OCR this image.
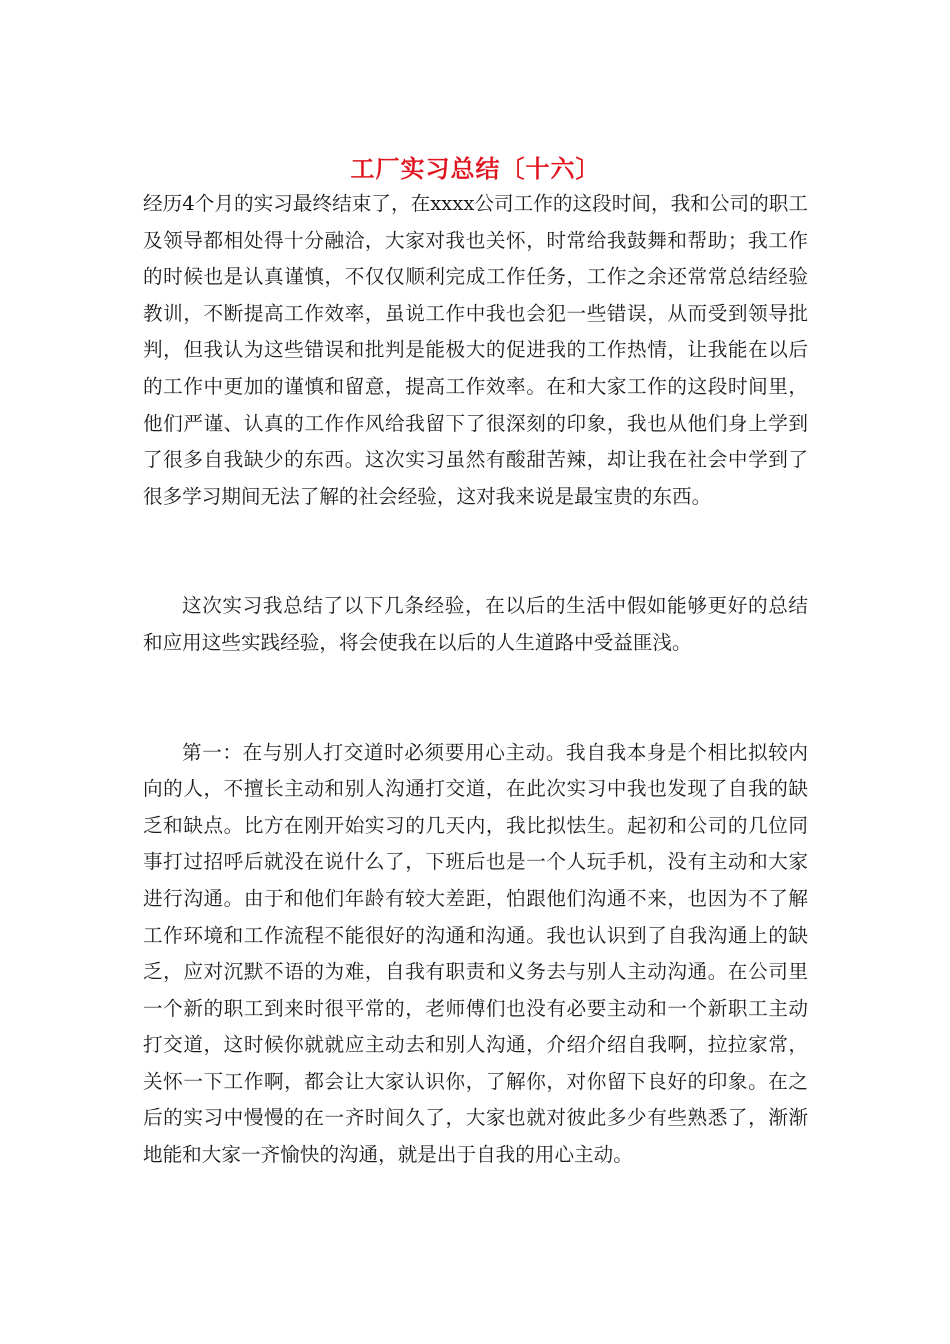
工厂实习总结〔十六〕

经历4个月的实习最终结束了，在xxxx公司工作的这段时间，我和公司的职工及领导都相处得十分融洽，大家对我也关怀，时常给我鼓舞和帮助；我工作的时候也是认真谨慎，不仅仅顺利完成工作任务，工作之余还常常总结经验教训，不断提高工作效率，虽说工作中我也会犯一些错误，从而受到领导批判，但我认为这些错误和批判是能极大的促进我的工作热情，让我能在以后的工作中更加的谨慎和留意，提高工作效率。在和大家工作的这段时间里，他们严谨、认真的工作作风给我留下了很深刻的印象，我也从他们身上学到了很多自我缺少的东西。这次实习虽然有酸甜苦辣，却让我在社会中学到了很多学习期间无法了解的社会经验，这对我来说是最宝贵的东西。

这次实习我总结了以下几条经验，在以后的生活中假如能够更好的总结和应用这些实践经验，将会使我在以后的人生道路中受益匪浅。

第一：在与别人打交道时必须要用心主动。我自我本身是个相比拟较内向的人，不擅长主动和别人沟通打交道，在此次实习中我也发现了自我的缺乏和缺点。比方在刚开始实习的几天内，我比拟怯生。起初和公司的几位同事打过招呼后就没在说什么了，下班后也是一个人玩手机，没有主动和大家进行沟通。由于和他们年龄有较大差距，怕跟他们沟通不来，也因为不了解工作环境和工作流程不能很好的沟通和沟通。我也认识到了自我沟通上的缺乏，应对沉默不语的为难，自我有职责和义务去与别人主动沟通。在公司里一个新的职工到来时很平常的，老师傅们也没有必要主动和一个新职工主动打交道，这时候你就就应主动去和别人沟通，介绍介绍自我啊，拉拉家常，关怀一下工作啊，都会让大家认识你，了解你，对你留下良好的印象。在之后的实习中慢慢的在一齐时间久了，大家也就对彼此多少有些熟悉了，渐渐地能和大家一齐愉快的沟通，就是出于自我的用心主动。
